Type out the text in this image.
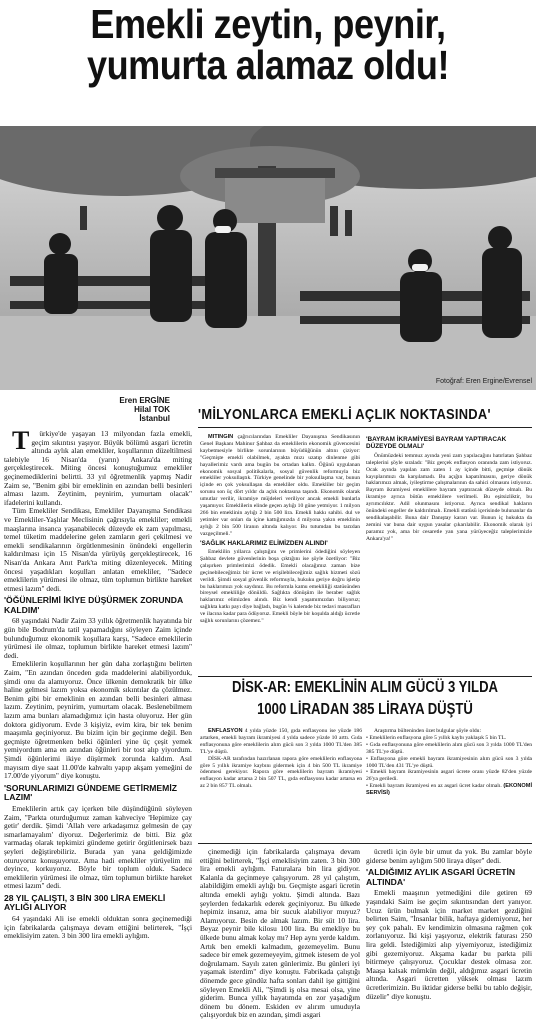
Emekli zeytin, peynir,
yumurta alamaz oldu!
Fotoğraf: Eren Ergine/Evrensel
Eren ERGİNE
Hilal TOK
İstanbul

T ürkiye'de yaşayan 13 milyondan fazla emekli, geçim sıkıntısı yaşıyor. Büyük bölümü asgari ücretin altında aylık alan emekliler, koşullarının düzeltilmesi talebiyle 16 Nisan'da (yarın) Ankara'da miting gerçekleştirecek. Miting öncesi konuştuğumuz emekliler geçinemediklerini belirtti. 33 yıl öğretmenlik yapmış Nadir Zaim se, "Benim gibi bir emeklinin en azından belli besinleri alması lazım. Zeytinim, peynirim, yumurtam olacak" ifadelerini kullandı.

Tüm Emekliler Sendikası, Emekliler Dayanışma Sendikası ve Emekliler-Yaşlılar Meclisinin çağrısıyla emekliler; emekli maaşlarına insanca yaşanabilecek düzeyde ek zam yapılması, temel tüketim maddelerine gelen zamların geri çekilmesi ve emekli sendikalarının örgütlenmesinin önündeki engellerin kaldırılması için 15 Nisan'da yürüyüş gerçekleştirecek, 16 Nisan'da Ankara Anıt Park'ta miting düzenleyecek. Miting öncesi yaşadıkları koşulları anlatan emekliler, "Sadece emeklilerin yürümesi ile olmaz, tüm toplumun birlikte hareket etmesi lazım" dedi.

'ÖĞÜNLERİMİ İKİYE DÜŞÜRMEK ZORUNDA KALDIM'

68 yaşındaki Nadir Zaim 33 yıllık öğretmenlik hayatında bir gün bile Bodrum'da tatil yapamadığını söyleyen Zaim içinde bulunduğumuz ekonomik koşullara karşı, "Sadece emeklilerin yürümesi ile olmaz, toplumun birlikte hareket etmesi lazım" dedi.

Emeklilerin koşullarının her gün daha zorlaştığını belirten Zaim, "En azından önceden gıda maddelerini alabiliyorduk, şimdi onu da alamıyoruz. Önce ülkenin demokratik bir ülke haline gelmesi lazım yoksa ekonomik sıkıntılar da çözülmez. Benim gibi bir emeklinin en azından belli besinleri alması lazım. Zeytinim, peynirim, yumurtam olacak. Beslenebilmem lazım ama bunları alamadığımız için hasta oluyoruz. Her gün doktora gidiyorum. Evde 3 kişiyiz, evim kira, bir tek benim maaşımla geçiniyoruz. Bu bizim için bir geçinme değil. Ben geçmişte öğretmenken belki öğünleri yine üç çeşit yemek yemiyordum ama en azından öğünleri bir tost alıp yiyordum. Şimdi öğünlerimi ikiye düşürmek zorunda kaldım. Asıl mayısım diye saat 11.00'de kahvaltı yapıp akşam yemeğini de 17.00'de yiyorum" diye konuştu.

'SORUNLARIMIZI GÜNDEME GETİRMEMİZ LAZIM'

Emeklilerin artık çay içerken bile düşündüğünü söyleyen Zaim, "Parkta oturduğumuz zaman kahveciye 'Hepimize çay getir' derdik. Şimdi 'Allah vere arkadaşımız gelmesin de çay ısmarlamayalım' diyoruz. Değerlerimiz de bitti. Biz göz varmadaş olarak tepkimizi gündeme getirir örgütlenirsek bazı şeyleri değiştirebiliriz. Burada yan yana geldiğimizde oturuyoruz konuşuyoruz. Ama hadi emekliler yürüyelim mi deyince, korkuyoruz. Böyle bir toplum olduk. Sadece emeklilerin yürümesi ile olmaz, tüm toplumun birlikte hareket etmesi lazım" dedi.

28 YIL ÇALIŞTI, 3 BİN 300 LİRA EMEKLİ AYLIĞI ALIYOR

64 yaşındaki Ali ise emekli olduktan sonra geçinemediği için fabrikalarda çalışmaya devam ettiğini belirterek, "İşçi emeklisiyim zaten. 3 bin 300 lira emekli aylığım.

'MİLYONLARCA EMEKLİ AÇLIK NOKTASINDA'

MİTİNGİN çağrıcılarından Emekliler Dayanışma Sendikasının Genel Başkanı Mahinur Şahbaz da emeklilerin ekonomik güvencesini kaybetmesiyle birlikte sorunlarının büyüdüğünün altını çiziyor: "Geçmişte emekli olabilmek, ayakta mızı uzatıp dinlenme gibi hayallerimiz vardı ama bugün bu ortadan kalktı. Öğünü uygulanan ekonomik sosyal politikalarla, sosyal güvenlik reformuyla biz emekliler yoksullaştık. Türkiye genelinde bir yoksullaşma var, bunun içinde en çok yoksullaşan da emekliler oldu. Emekliler bir geçim sorunu son üç dört yıldır da açlık noktasına taşındı. Ekonomik olarak umutlar verilir, ikramiye müjdeleri veriliyor ancak emekli bunlarla yaşamıyor. Emeklilerin elinde geçen aylığı 10 güne yetmiyor. 1 milyon 266 bin emeklinin aylığı 2 bin 500 lira. Emekli hakkı sahibi. dul ve yetimler var onları da içine kattığımızda 4 milyona yakın emeklinin aylığı 2 bin 500 liranın altında kalıyor. Bu tutumdan bu tarzdan vazgeçilmeli."

'SAĞLIK HAKLARIMIZ ELİMİZDEN ALINDI'

Emeklilin yıllarca çalıştığını ve primlerini ödediğini söyleyen Şahbaz devlete güvenlerinin boşa çıktığını ise şöyle özetliyor: "Biz çalışırken primlerimizi ödedik. Emekli olacağımız zaman bize geçinebileceğimiz bir ücret ve erişilebileceğimiz sağlık hizmeti sözü verildi. Şimdi sosyal güvenlik reformuyla, hukuku geriye doğru işletip bu haklarımızı yok saydınız. Bu reformla kamu emekliliği statüsünden bireysel emekliliğe dönüldü. Sağlıkta dönüşüm ile beraber sağlık haklarımız elimizden alındı. Biz kendi yaşamımızdan biliyoruz; sağlıkta katkı payı diye bağladı, bugün ¼ kalemde biz tedavi masrafları ve ilacına kadar para ödüyoruz. Emekli böyle bir koşulda aldığı ücretle sağlık sorunlarını çözemez."

'BAYRAM İKRAMİYESİ BAYRAM YAPTIRACAK DÜZEYDE OLMALI'

Önümüzdeki temmuz ayında yeni zam yapılacağını hatırlatan Şahbaz taleplerini şöyle sıraladı: "Biz gerçek enflasyon oranında zam istiyoruz. Ocak ayında yapılan zam zaten 1 ay içinde bitti, geçmişe dönük kayıplarımızı da karşılamadı. Bu açığın kapatılmasını, geriye dönük haklarımızı almak, iyileştirme çalışmalarının da sahici olmasını istiyoruz. Bayram ikramiyesi emeklilere bayram yaptıracak düzeyde olmalı. Bu ikramiye ayrıca bütün emeklilere verilmeli. Bu eşitsizliktir, bu ayrımcılıktır. Adil olunmasını istiyoruz. Ayrıca sendikal hakların önündeki engeller de kaldırılmalı. Emekli statüsü içerisinde bulunanlar da sendikalaşabilir. Buna dair Danıştay kararı var. Bunun iç hukukta da zemini var buna dair uygun yasalar çıkarılabilir. Ekonomik olarak iyi paramız yok, ama bir cesaretle yan yana yürüyeceğiz taleplerimizle Ankara'ya!"

DİSK-AR: EMEKLİNİN ALIM GÜCÜ 3 YILDA
1000 LİRADAN 385 LİRAYA DÜŞTÜ

ENFLASYON 4 yılda yüzde 150, gıda enflasyonu ise yüzde 186 artarken, emekli bayram ikramiyesi 4 yılda sadece yüzde 10 arttı. Gıda enflasyonuna göre emeklilerin alım gücü son 3 yılda 1000 TL'den 385 TL'ye düştü.

DİSK-AR tarafından hazırlanan rapora göre emeklilerin enflasyona göre 5 yıllık ikramiye kaybını gidermek için 4 bin 500 TL ikramiye ödenmesi gerekiyor. Rapora göre emeklilerin bayram ikramiyesi enflasyon kadar artarsa 2 bin 507 TL, gıda enflasyonu kadar artarsa en az 2 bin 857 TL olmalı.

Araştırma bülteninden özet bulgular şöyle oldu:

• Emeklilerin enflasyona göre 5 yıllık kaybı yaklaşık 5 bin TL.
• Gıda enflasyonuna göre emeklilerin alım gücü son 3 yılda 1000 TL'den 385 TL'ye düştü.
• Enflasyona göre emekli bayram ikramiyesinin alım gücü son 3 yılda 1000 TL'den 431 TL'ye düştü.
• Emekli bayram ikramiyesinin asgari ücrete oranı yüzde 82'den yüzde 26'ya geriledi.
• Emekli bayram ikramiyesi en az asgari ücret kadar olmalı. (EKONOMİ SERVİSİ)

çinemediği için fabrikalarda çalışmaya devam ettiğini belirterek, "İşçi emeklisiyim zaten. 3 bin 300 lira emekli aylığım. Faturalara bin lira gidiyor. Kalanla da geçinmeye çalışıyorum. 28 yıl çalıştım, alabildiğim emekli aylığı bu. Geçmişte asgari ücretin altında emekli aylığı yoktu. Şimdi altında. Bazı şeylerden fedakarlık ederek geçiniyoruz. Bu ülkede hepimiz insanız, ama bir sucuk alabiliyor muyuz? Alamıyoruz. Besin de almak lazım. Bir süt 10 lira. Beyaz peynir bile kilosu 100 lira. Bu emekliye bu ülkede bunu almak kolay mı? Hep aynı yerde kaldım. Artık ben emekli kalmadım, gezemeyelim. Bunu sadece bir emek gezemeyeyim, gitmek istesem de yol doğrulamam. Sayılı zaten günlerimiz. Bu günleri iyi yaşamak isterdim" diye konuştu. Fabrikada çalıştığı dönemde gece gündüz hafta sonları dahil işe gittiğini söyleyen Emekli Ali, "Şimdi iş olsa mesai olsa, yine giderim. Bunca yıllık hayatımda en zor yaşadığım dönem bu dönem. Eskiden ev alırım umuduyla çalışıyorduk biz en azından, şimdi asgari

ücretli için öyle bir umut da yok. Bu zamlar böyle giderse benim aylığım 500 liraya düşer" dedi.

'ALDIĞIMIZ AYLIK ASGARİ ÜCRETİN ALTINDA'

Emekli maaşının yetmediğini dile getiren 69 yaşındaki Saim ise geçim sıkıntısından dert yanıyor. Ucuz ürün bulmak için market market gezdiğini belirten Saim, "İnsanlar bilik, haftaya gidemiyoruz, her şey çok pahalı. Ev kendimizin olmasına rağmen çok zorlanıyoruz. İki kişi yaşıyoruz, elektrik faturası 250 lira geldi. İstediğimizi alıp yiyemiyoruz, istediğimiz gibi gezemiyoruz. Akşama kadar bu parkta pili bitirmeye çalışıyoruz. Çocuklar destek olmasa zor. Maaşa kalsak mümkün değil, aldığımız asgari ücretin altında. Asgari ücretten yüksek olması lazım ücretlerimizin. Bu iktidar giderse belki bu tablo değişir, düzelir" diye konuştu.
